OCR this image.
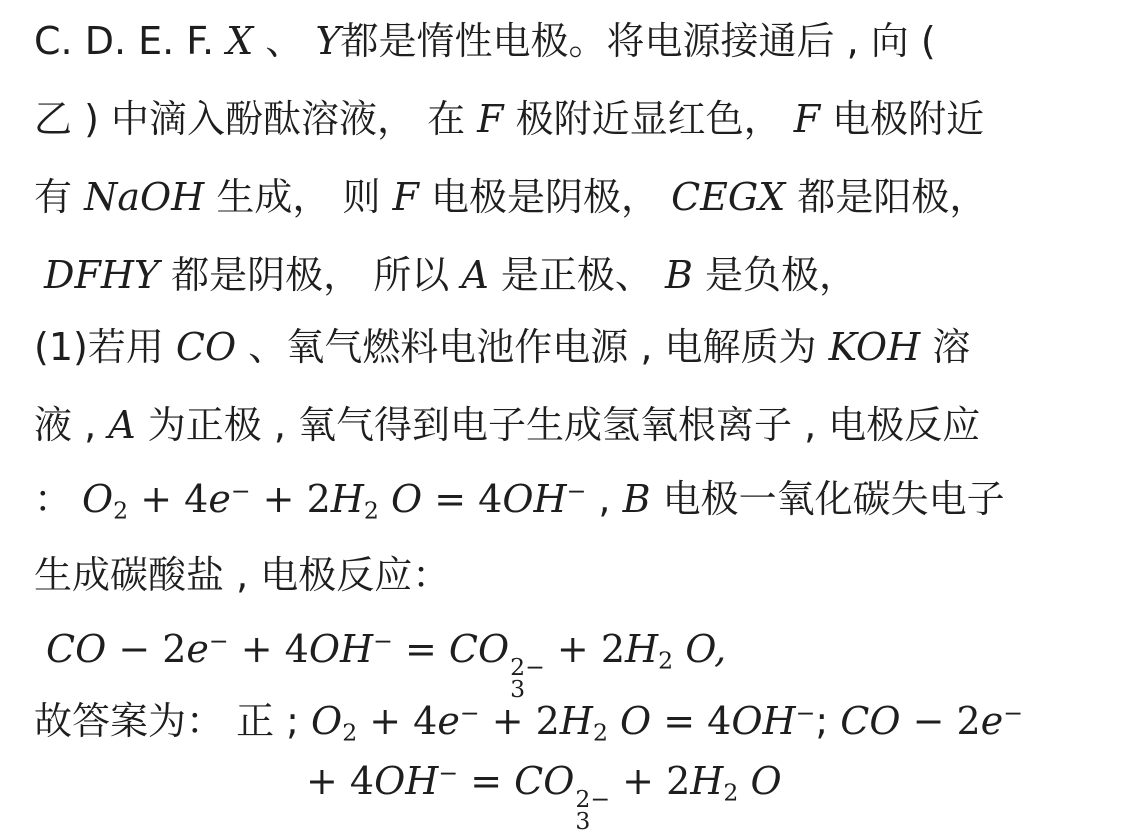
C. D. E. F. X 、 Y都是惰性电极。将电源接通后 , 向 (
乙 ) 中滴入酚酞溶液， 在 F 极附近显红色， F 电极附近
有 NaOH 生成， 则 F 电极是阴极， CEGX 都是阳极，
DFHY 都是阴极， 所以 A 是正极、 B 是负极，
(1)若用 CO 、氧气燃料电池作电源 , 电解质为 KOH 溶
液 , A 为正极 , 氧气得到电子生成氢氧根离子 , 电极反应
： $O_2 + 4e^- + 2H_2$ O = 4OH− , B 电极一氧化碳失电子
生成碳酸盐 , 电极反应：
CO − 2e− + 4OH− = CO 2−
3
+ $2H_2$ O,
故答案为： 正 ; $O_2 + 4e^- + 2H_2$ O = 4OH−; CO − 2e−
+ 4OH− = CO 2−
3
+ $2H_2$ O
